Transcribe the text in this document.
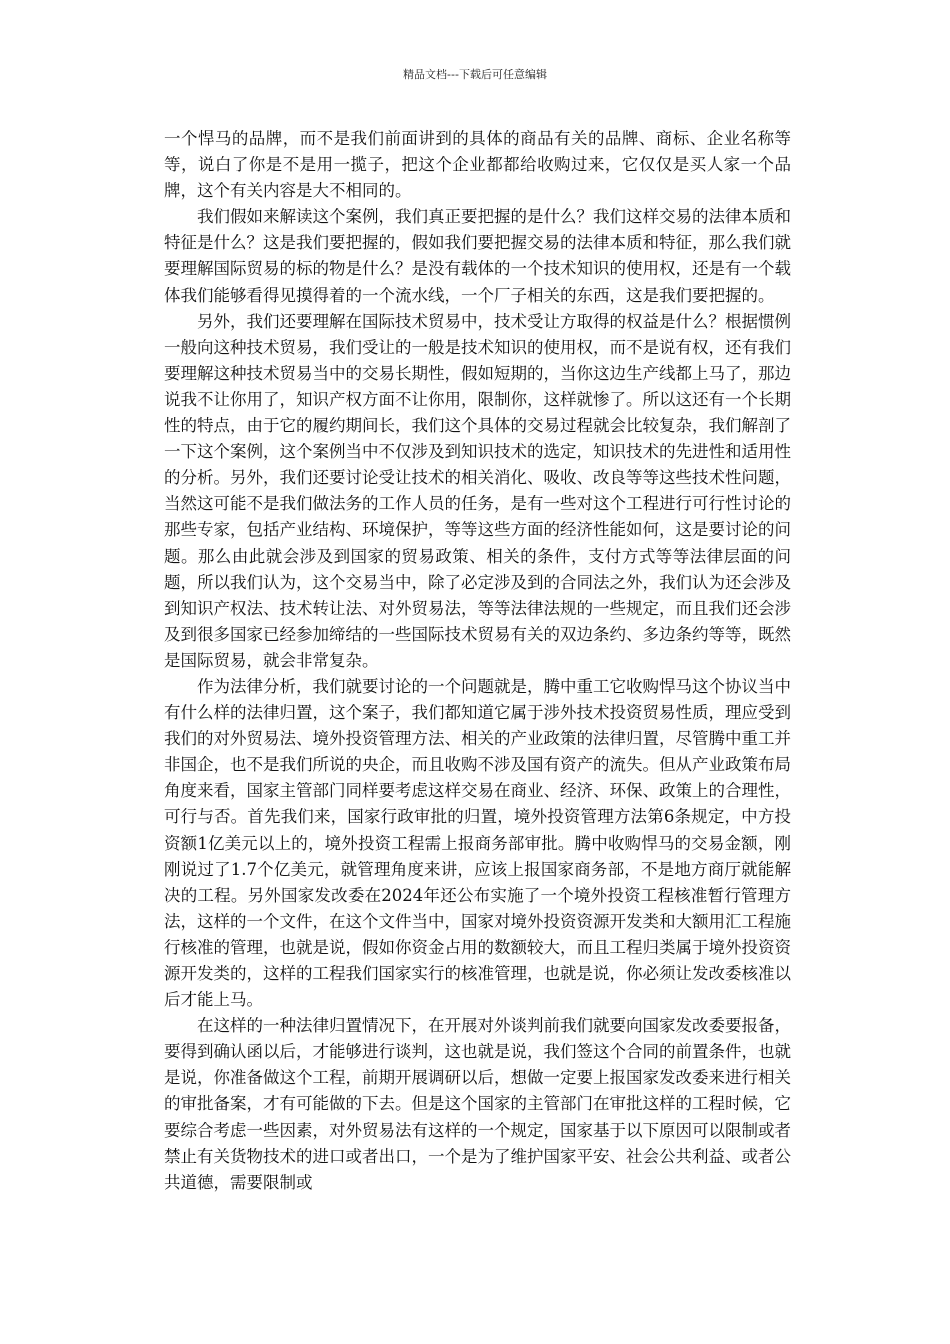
精品文档---下载后可任意编辑

一个悍马的品牌，而不是我们前面讲到的具体的商品有关的品牌、商标、企业名称等等，说白了你是不是用一揽子，把这个企业都都给收购过来，它仅仅是买人家一个品牌，这个有关内容是大不相同的。

我们假如来解读这个案例，我们真正要把握的是什么？我们这样交易的法律本质和特征是什么？这是我们要把握的，假如我们要把握交易的法律本质和特征，那么我们就要理解国际贸易的标的物是什么？是没有载体的一个技术知识的使用权，还是有一个载体我们能够看得见摸得着的一个流水线，一个厂子相关的东西，这是我们要把握的。

另外，我们还要理解在国际技术贸易中，技术受让方取得的权益是什么？根据惯例一般向这种技术贸易，我们受让的一般是技术知识的使用权，而不是说有权，还有我们要理解这种技术贸易当中的交易长期性，假如短期的，当你这边生产线都上马了，那边说我不让你用了，知识产权方面不让你用，限制你，这样就惨了。所以这还有一个长期性的特点，由于它的履约期间长，我们这个具体的交易过程就会比较复杂，我们解剖了一下这个案例，这个案例当中不仅涉及到知识技术的选定，知识技术的先进性和适用性的分析。另外，我们还要讨论受让技术的相关消化、吸收、改良等等这些技术性问题，当然这可能不是我们做法务的工作人员的任务，是有一些对这个工程进行可行性讨论的那些专家，包括产业结构、环境保护，等等这些方面的经济性能如何，这是要讨论的问题。那么由此就会涉及到国家的贸易政策、相关的条件，支付方式等等法律层面的问题，所以我们认为，这个交易当中，除了必定涉及到的合同法之外，我们认为还会涉及到知识产权法、技术转让法、对外贸易法，等等法律法规的一些规定，而且我们还会涉及到很多国家已经参加缔结的一些国际技术贸易有关的双边条约、多边条约等等，既然是国际贸易，就会非常复杂。

作为法律分析，我们就要讨论的一个问题就是，腾中重工它收购悍马这个协议当中有什么样的法律归置，这个案子，我们都知道它属于涉外技术投资贸易性质，理应受到我们的对外贸易法、境外投资管理方法、相关的产业政策的法律归置，尽管腾中重工并非国企，也不是我们所说的央企，而且收购不涉及国有资产的流失。但从产业政策布局角度来看，国家主管部门同样要考虑这样交易在商业、经济、环保、政策上的合理性，可行与否。首先我们来，国家行政审批的归置，境外投资管理方法第6条规定，中方投资额1亿美元以上的，境外投资工程需上报商务部审批。腾中收购悍马的交易金额，刚刚说过了1.7个亿美元，就管理角度来讲，应该上报国家商务部，不是地方商厅就能解决的工程。另外国家发改委在2024年还公布实施了一个境外投资工程核准暂行管理方法，这样的一个文件，在这个文件当中，国家对境外投资资源开发类和大额用汇工程施行核准的管理，也就是说，假如你资金占用的数额较大，而且工程归类属于境外投资资源开发类的，这样的工程我们国家实行的核准管理，也就是说，你必须让发改委核准以后才能上马。

在这样的一种法律归置情况下，在开展对外谈判前我们就要向国家发改委要报备，要得到确认函以后，才能够进行谈判，这也就是说，我们签这个合同的前置条件，也就是说，你准备做这个工程，前期开展调研以后，想做一定要上报国家发改委来进行相关的审批备案，才有可能做的下去。但是这个国家的主管部门在审批这样的工程时候，它要综合考虑一些因素，对外贸易法有这样的一个规定，国家基于以下原因可以限制或者禁止有关货物技术的进口或者出口，一个是为了维护国家平安、社会公共利益、或者公共道德，需要限制或
